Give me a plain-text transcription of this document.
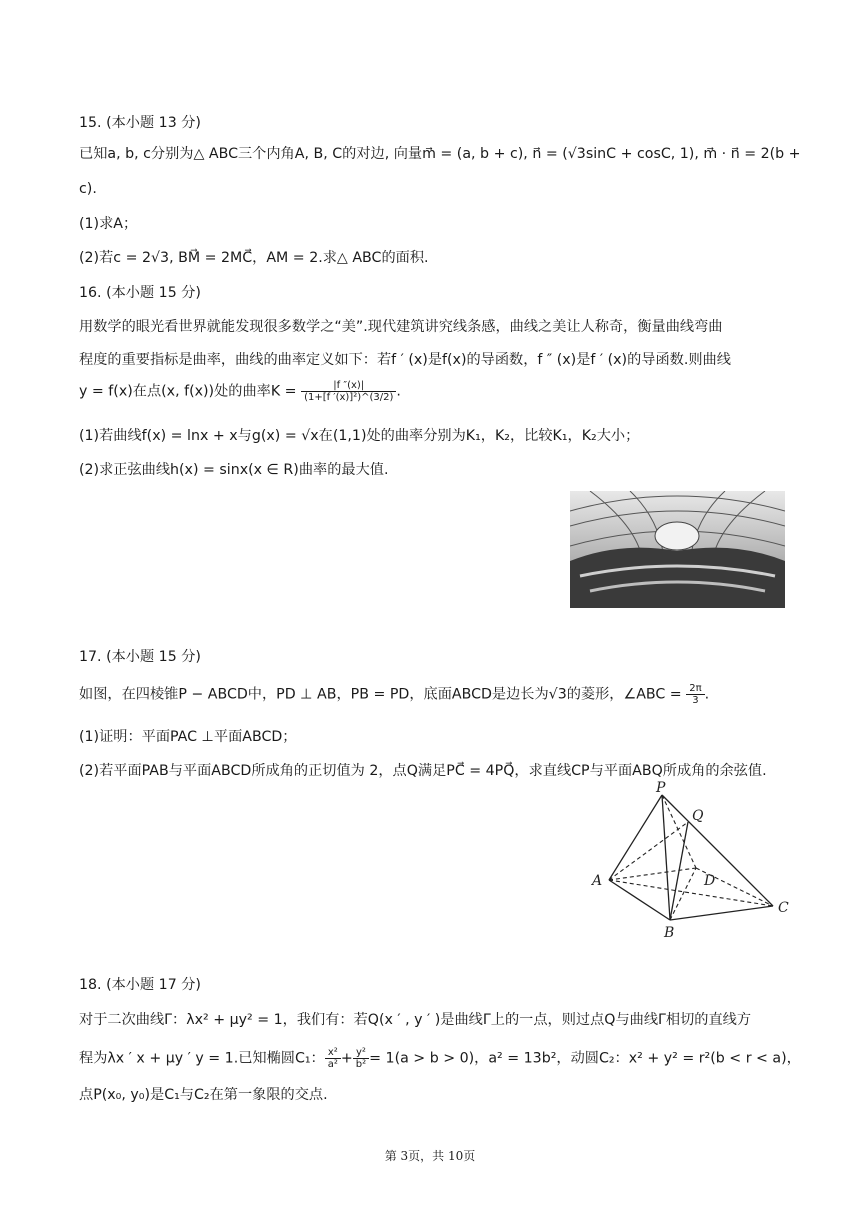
15. (本小题 13 分)
已知a, b, c分别为△ ABC三个内角A, B, C的对边, 向量m⃗ = (a, b + c), n⃗ = (√3sinC + cosC, 1), m⃗ · n⃗ = 2(b +
c).
(1)求A；
(2)若c = 2√3, BM⃗ = 2MC⃗，AM = 2.求△ ABC的面积.
16. (本小题 15 分)
用数学的眼光看世界就能发现很多数学之“美”.现代建筑讲究线条感，曲线之美让人称奇，衡量曲线弯曲
程度的重要指标是曲率，曲线的曲率定义如下：若f ′ (x)是f(x)的导函数，f ″ (x)是f ′ (x)的导函数.则曲线
y = f(x)在点(x, f(x))处的曲率$K = \frac{|f ''(x)|}{\text{(1+[f ′(x)]²)\textasciicircum{}(3/2)}}$ .
(1)若曲线f(x) = lnx + x与g(x) = √x在(1,1)处的曲率分别为K₁，K₂，比较K₁，K₂大小；
(2)求正弦曲线h(x) = sinx(x ∈ R)曲率的最大值.
17. (本小题 15 分)
如图，在四棱锥P − ABCD中，PD ⊥ AB，PB = PD，底面ABCD是边长为√3的菱形，∠ABC = $\frac{2\pi}{3}$ .
(1)证明：平面PAC ⊥平面ABCD；
(2)若平面PAB与平面ABCD所成角的正切值为 2，点Q满足PC⃗ = 4PQ⃗，求直线CP与平面ABQ所成角的余弦值.
P
Q
A	D
B
C
18. (本小题 17 分)
对于二次曲线Γ：λx² + μy² = 1，我们有：若Q(x ′ , y ′ )是曲线Γ上的一点，则过点Q与曲线Γ相切的直线方
程为λx ′ x + μy ′ y = 1.已知椭圆C₁： $\frac{\text{x²}}{\text{a²}} + \frac{\text{y²}}{\text{b²}} = 1(a > b > 0)$，a² = 13b²，动圆C₂：x² + y² = r²(b < r < a)，
点P(x₀, y₀)是C₁与C₂在第一象限的交点.
第 3页，共 10页
